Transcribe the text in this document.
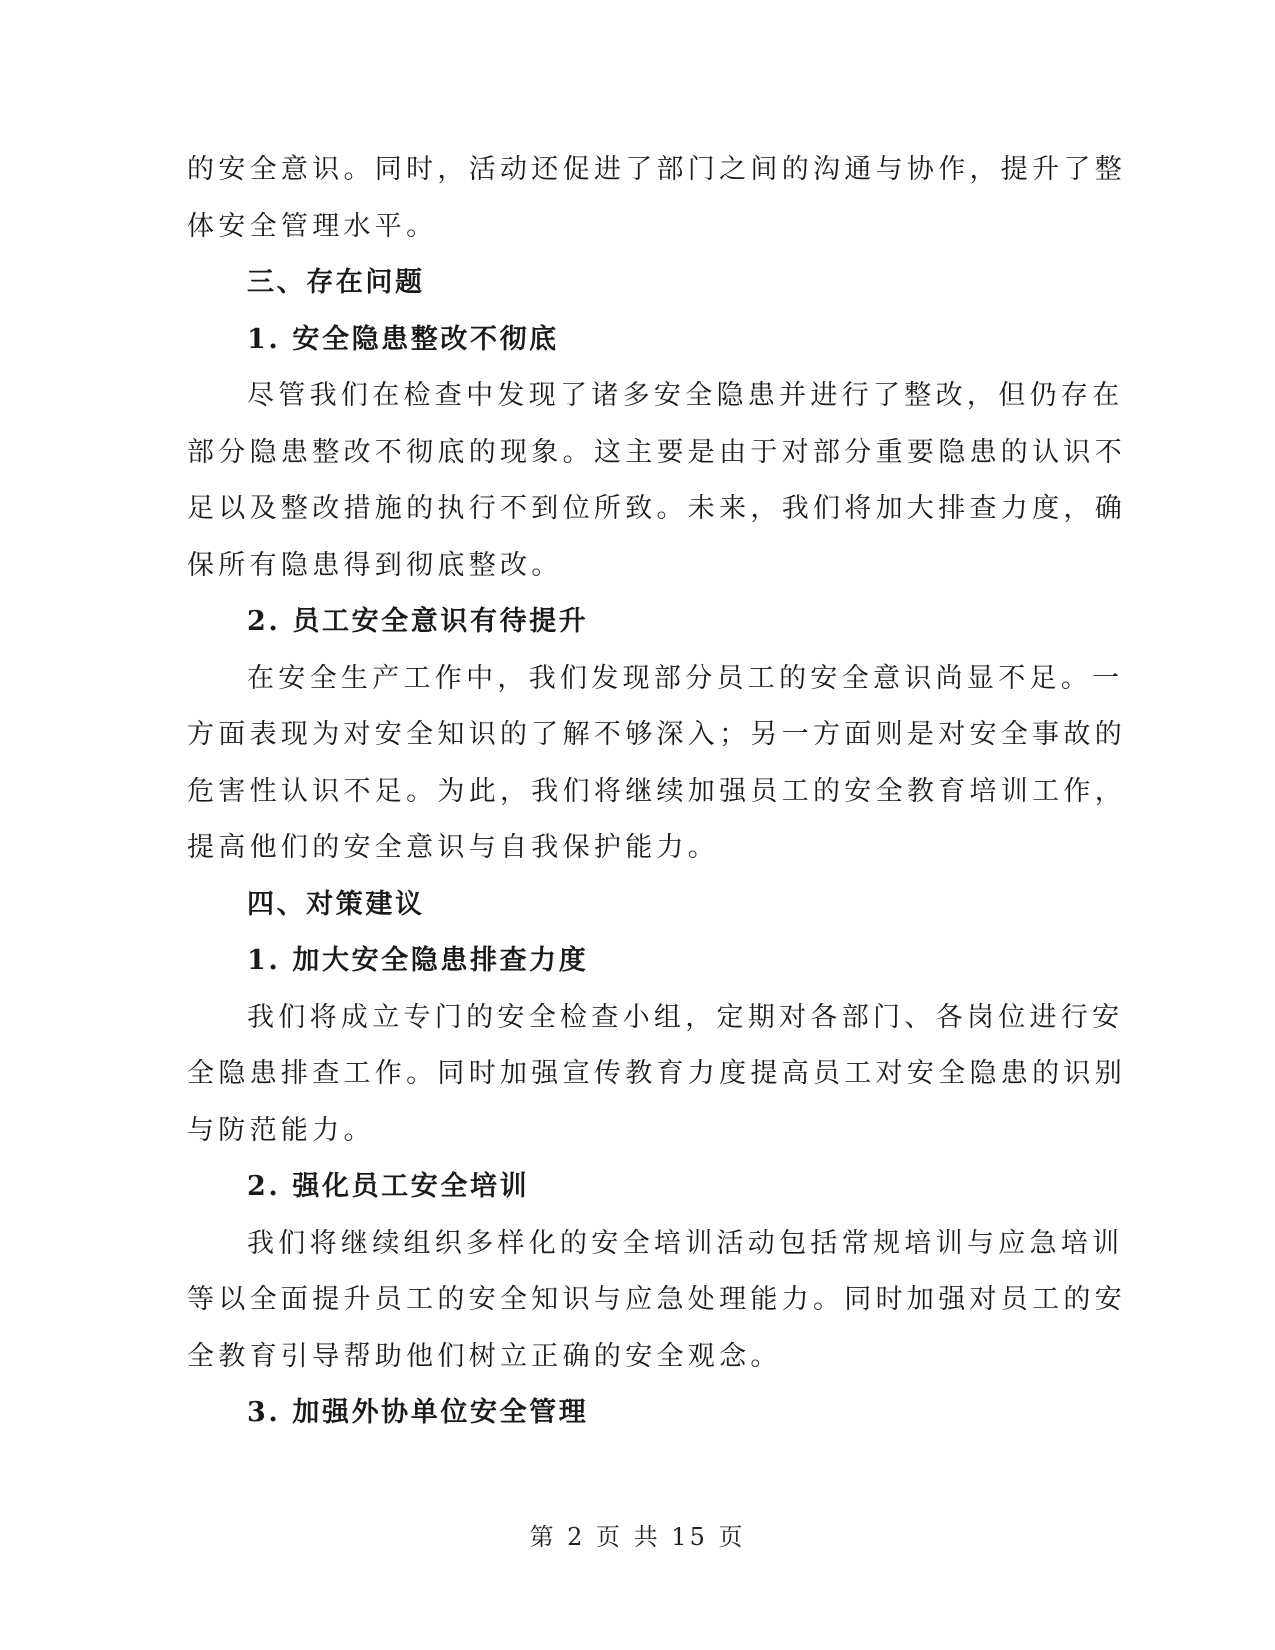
的安全意识。同时，活动还促进了部门之间的沟通与协作，提升了整
体安全管理水平。
三、存在问题
1. 安全隐患整改不彻底
尽管我们在检查中发现了诸多安全隐患并进行了整改，但仍存在
部分隐患整改不彻底的现象。这主要是由于对部分重要隐患的认识不
足以及整改措施的执行不到位所致。未来，我们将加大排查力度，确
保所有隐患得到彻底整改。
2. 员工安全意识有待提升
在安全生产工作中，我们发现部分员工的安全意识尚显不足。一
方面表现为对安全知识的了解不够深入；另一方面则是对安全事故的
危害性认识不足。为此，我们将继续加强员工的安全教育培训工作，
提高他们的安全意识与自我保护能力。
四、对策建议
1. 加大安全隐患排查力度
我们将成立专门的安全检查小组，定期对各部门、各岗位进行安
全隐患排查工作。同时加强宣传教育力度提高员工对安全隐患的识别
与防范能力。
2. 强化员工安全培训
我们将继续组织多样化的安全培训活动包括常规培训与应急培训
等以全面提升员工的安全知识与应急处理能力。同时加强对员工的安
全教育引导帮助他们树立正确的安全观念。
3. 加强外协单位安全管理
第 2 页 共 15 页
